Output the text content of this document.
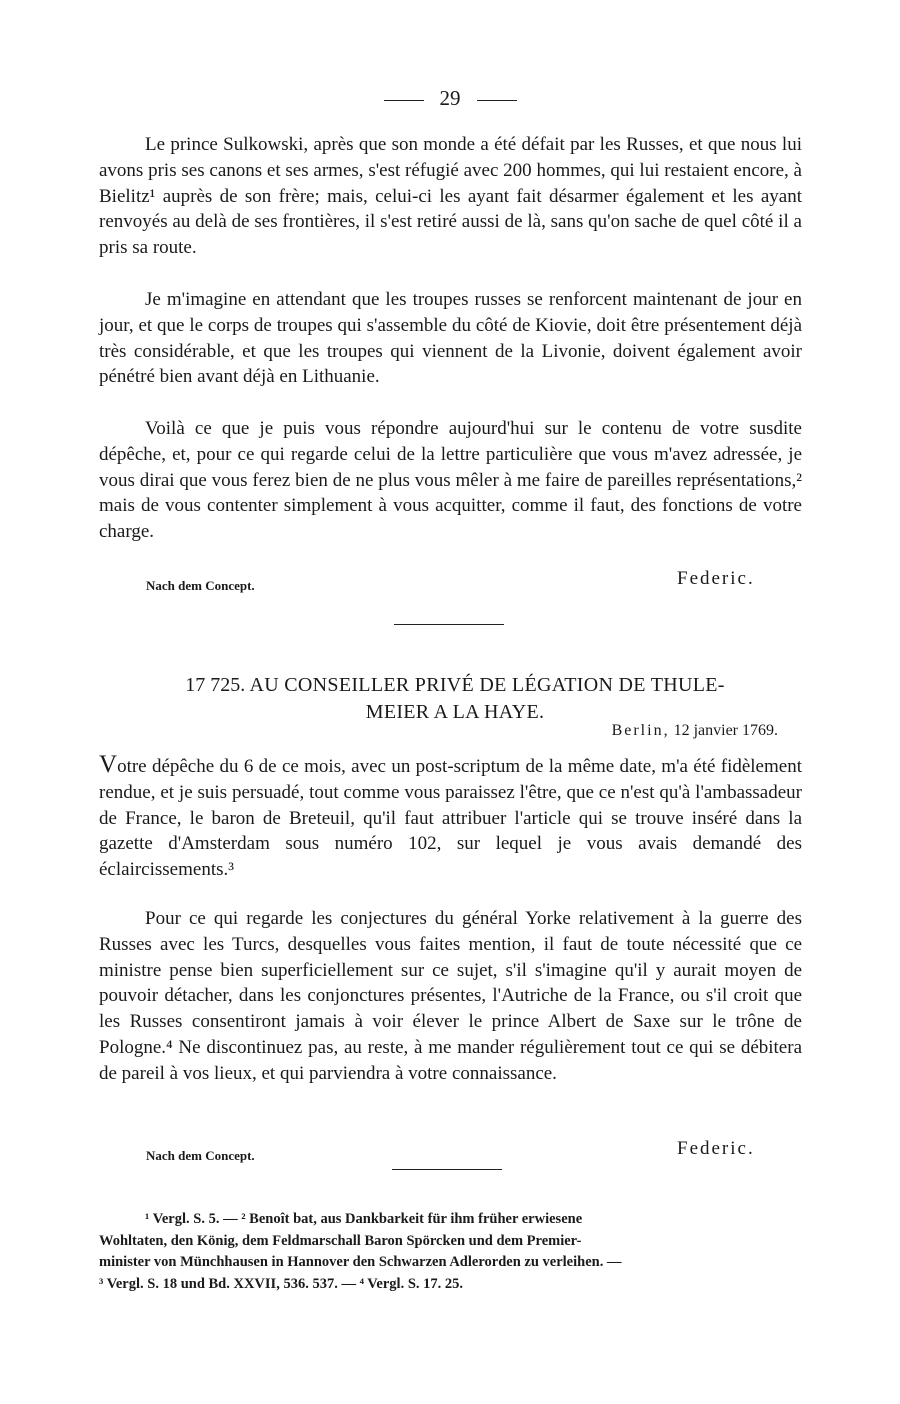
29

Le prince Sulkowski, après que son monde a été défait par les Russes, et que nous lui avons pris ses canons et ses armes, s'est réfugié avec 200 hommes, qui lui restaient encore, à Bielitz¹ auprès de son frère; mais, celui-ci les ayant fait désarmer également et les ayant renvoyés au delà de ses frontières, il s'est retiré aussi de là, sans qu'on sache de quel côté il a pris sa route.

Je m'imagine en attendant que les troupes russes se renforcent maintenant de jour en jour, et que le corps de troupes qui s'assemble du côté de Kiovie, doit être présentement déjà très considérable, et que les troupes qui viennent de la Livonie, doivent également avoir pénétré bien avant déjà en Lithuanie.

Voilà ce que je puis vous répondre aujourd'hui sur le contenu de votre susdite dépêche, et, pour ce qui regarde celui de la lettre particulière que vous m'avez adressée, je vous dirai que vous ferez bien de ne plus vous mêler à me faire de pareilles représentations,² mais de vous contenter simplement à vous acquitter, comme il faut, des fonctions de votre charge.

Nach dem Concept.	Federic.
17 725. AU CONSEILLER PRIVÉ DE LÉGATION DE THULE-
MEIER A LA HAYE.
Berlin, 12 janvier 1769.

Votre dépêche du 6 de ce mois, avec un post-scriptum de la même date, m'a été fidèlement rendue, et je suis persuadé, tout comme vous paraissez l'être, que ce n'est qu'à l'ambassadeur de France, le baron de Breteuil, qu'il faut attribuer l'article qui se trouve inséré dans la gazette d'Amsterdam sous numéro 102, sur lequel je vous avais demandé des éclaircissements.³

Pour ce qui regarde les conjectures du général Yorke relativement à la guerre des Russes avec les Turcs, desquelles vous faites mention, il faut de toute nécessité que ce ministre pense bien superficiellement sur ce sujet, s'il s'imagine qu'il y aurait moyen de pouvoir détacher, dans les conjonctures présentes, l'Autriche de la France, ou s'il croit que les Russes consentiront jamais à voir élever le prince Albert de Saxe sur le trône de Pologne.⁴ Ne discontinuez pas, au reste, à me mander régulièrement tout ce qui se débitera de pareil à vos lieux, et qui parviendra à votre connaissance.

Nach dem Concept.	Federic.
¹ Vergl. S. 5. — ² Benoît bat, aus Dankbarkeit für ihm früher erwiesene
Wohltaten, den König, dem Feldmarschall Baron Spörcken und dem Premier-
minister von Münchhausen in Hannover den Schwarzen Adlerorden zu verleihen. —
³ Vergl. S. 18 und Bd. XXVII, 536. 537. — ⁴ Vergl. S. 17. 25.
